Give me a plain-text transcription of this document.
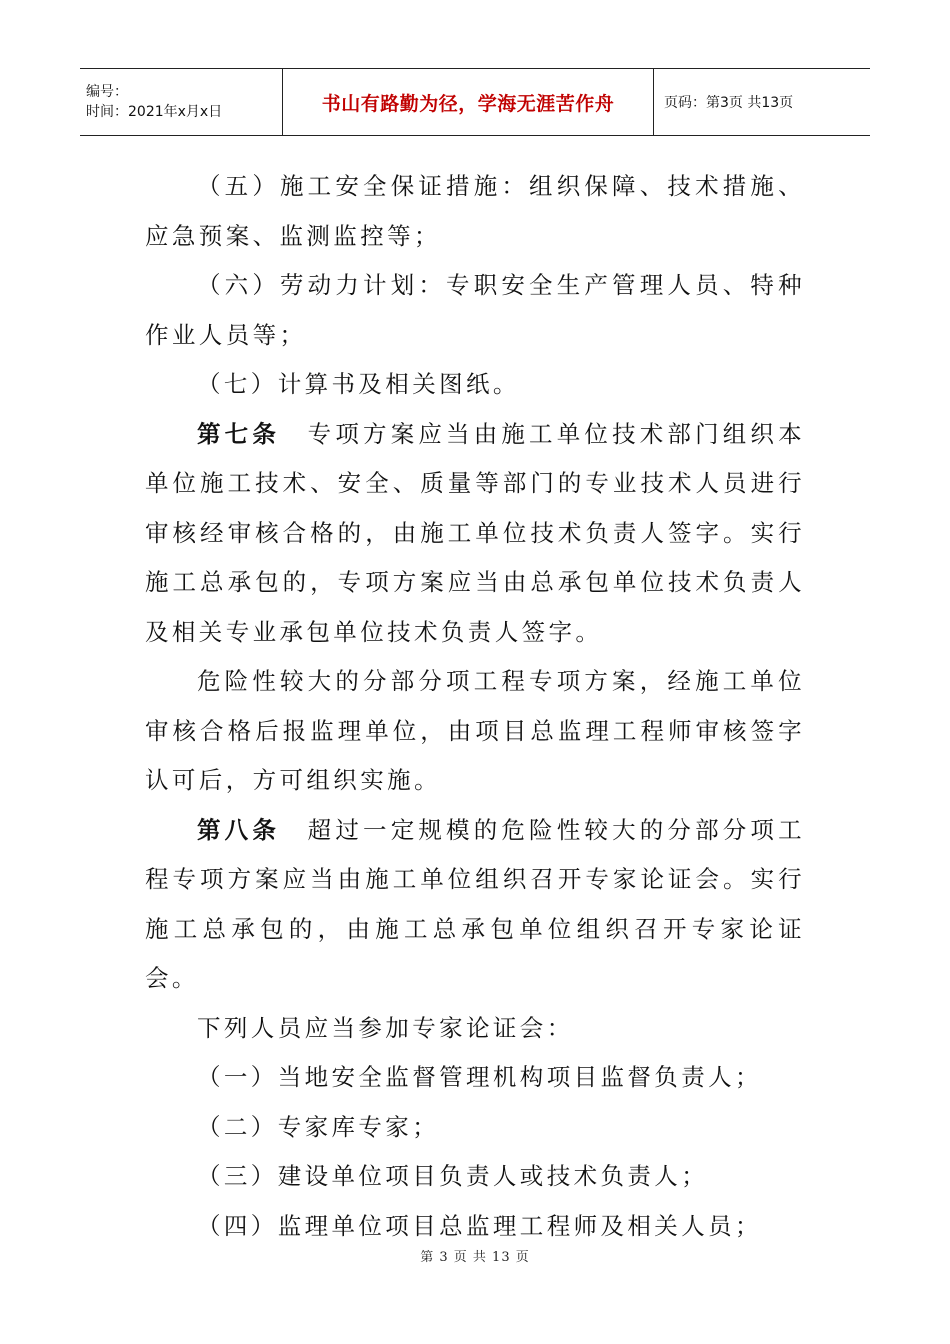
编号：
时间：2021年x月x日	书山有路勤为径，学海无涯苦作舟	页码：第3页 共13页

（五）施工安全保证措施：组织保障、技术措施、应急预案、监测监控等；

（六）劳动力计划：专职安全生产管理人员、特种作业人员等；

（七）计算书及相关图纸。

第七条　专项方案应当由施工单位技术部门组织本单位施工技术、安全、质量等部门的专业技术人员进行审核经审核合格的，由施工单位技术负责人签字。实行施工总承包的，专项方案应当由总承包单位技术负责人及相关专业承包单位技术负责人签字。

危险性较大的分部分项工程专项方案，经施工单位审核合格后报监理单位，由项目总监理工程师审核签字认可后，方可组织实施。

第八条　超过一定规模的危险性较大的分部分项工程专项方案应当由施工单位组织召开专家论证会。实行施工总承包的，由施工总承包单位组织召开专家论证会。

下列人员应当参加专家论证会：

（一）当地安全监督管理机构项目监督负责人；

（二）专家库专家；

（三）建设单位项目负责人或技术负责人；

（四）监理单位项目总监理工程师及相关人员；

第 3 页 共 13 页
